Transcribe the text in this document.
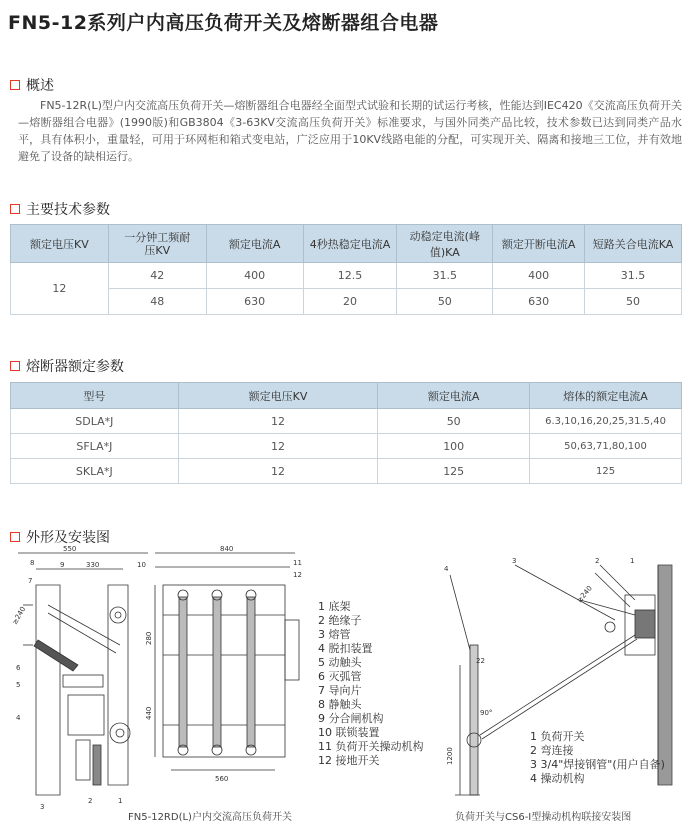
FN5-12系列户内高压负荷开关及熔断器组合电器
概述

FN5-12R(L)型户内交流高压负荷开关—熔断器组合电器经全面型式试验和长期的试运行考核，性能达到IEC420《交流高压负荷开关—熔断器组合电器》(1990版)和GB3804《3-63KV交流高压负荷开关》标准要求，与国外同类产品比较，技术参数已达到同类产品水平，具有体积小，重量轻，可用于环网柜和箱式变电站，广泛应用于10KV线路电能的分配，可实现开关、隔离和接地三工位，并有效地避免了设备的缺相运行。

主要技术参数
额定电压KV	一分钟工频耐压KV	额定电流A	4秒热稳定电流A	动稳定电流(峰值)KA	额定开断电流A	短路关合电流KA
12	42	400	12.5	31.5	400	31.5
	48	630	20	50	630	50
熔断器额定参数
型号	额定电压KV	额定电流A	熔体的额定电流A
SDLA*J	12	50	6.3,10,16,20,25,31.5,40
SFLA*J	12	100	50,63,71,80,100
SKLA*J	12	125	125
外形及安装图
550
330
≥240
8	9
7
6
5
4
3
2	1
840
280
440
560
10	11
12
1 底架
2 绝缘子
3 熔管
4 脱扣装置
5 动触头
6 灭弧管
7 导向片
8 静触头
9 分合闸机构
10 联锁装置
11 负荷开关操动机构
12 接地开关
FN5-12RD(L)户内交流高压负荷开关
22
90°
1200
≥240
4
3	2	1
1 负荷开关
2 弯连接
3 3/4"焊接钢管"(用户自备)
4 操动机构
负荷开关与CS6-Ⅰ型操动机构联接安装图
